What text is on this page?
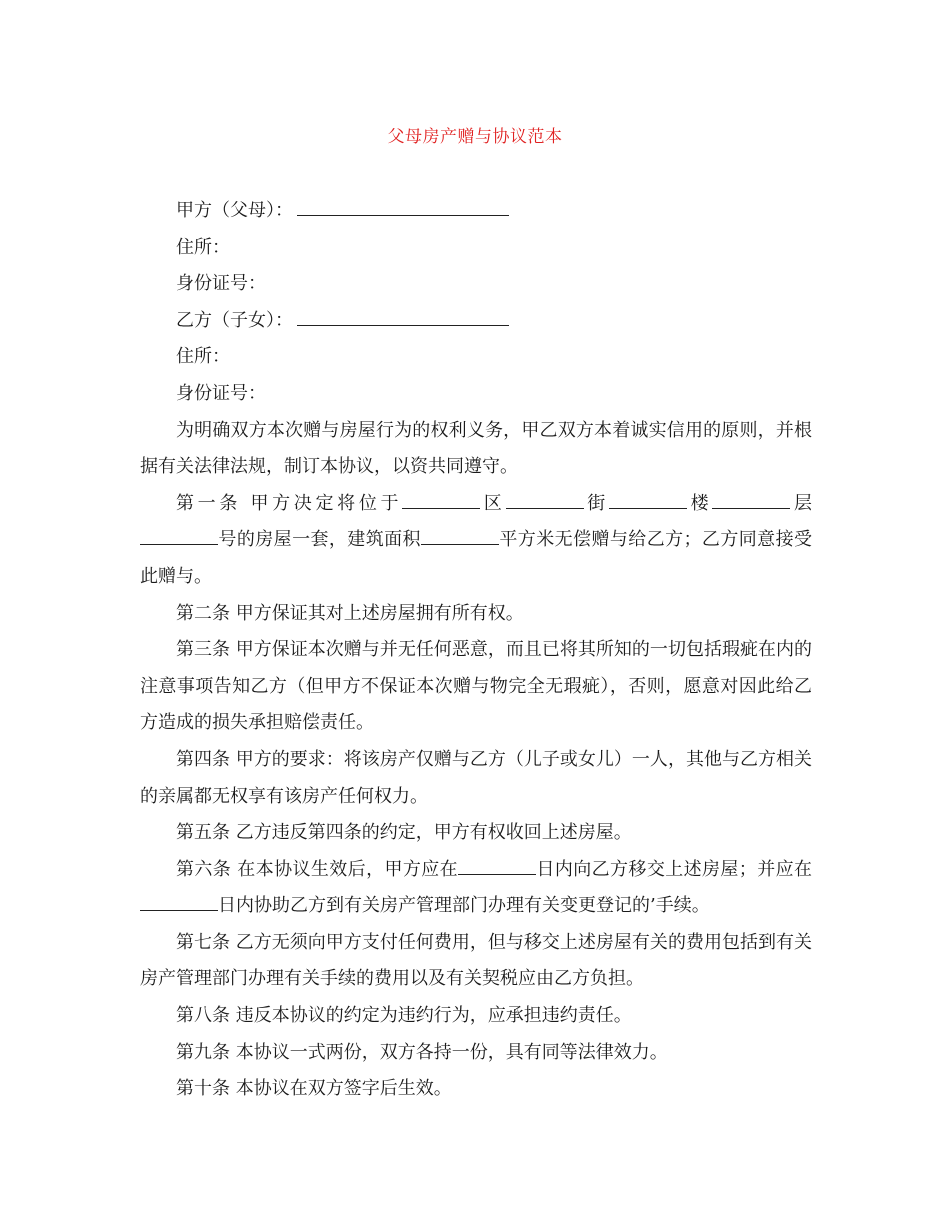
父母房产赠与协议范本

甲方（父母）：

住所：

身份证号：

乙方（子女）：

住所：

身份证号：

为明确双方本次赠与房屋行为的权利义务，甲乙双方本着诚实信用的原则，并根据有关法律法规，制订本协议，以资共同遵守。

第一条 甲方决定将位于	区	街	楼	层号的房屋一套，建筑面积	平方米无偿赠与给乙方；乙方同意接受此赠与。

第二条 甲方保证其对上述房屋拥有所有权。

第三条 甲方保证本次赠与并无任何恶意，而且已将其所知的一切包括瑕疵在内的注意事项告知乙方（但甲方不保证本次赠与物完全无瑕疵），否则，愿意对因此给乙方造成的损失承担赔偿责任。

第四条 甲方的要求：将该房产仅赠与乙方（儿子或女儿）一人，其他与乙方相关的亲属都无权享有该房产任何权力。

第五条 乙方违反第四条的约定，甲方有权收回上述房屋。

第六条 在本协议生效后，甲方应在	日内向乙方移交上述房屋；并应在日内协助乙方到有关房产管理部门办理有关变更登记的’手续。

第七条 乙方无须向甲方支付任何费用，但与移交上述房屋有关的费用包括到有关房产管理部门办理有关手续的费用以及有关契税应由乙方负担。

第八条 违反本协议的约定为违约行为，应承担违约责任。

第九条 本协议一式两份，双方各持一份，具有同等法律效力。

第十条 本协议在双方签字后生效。
